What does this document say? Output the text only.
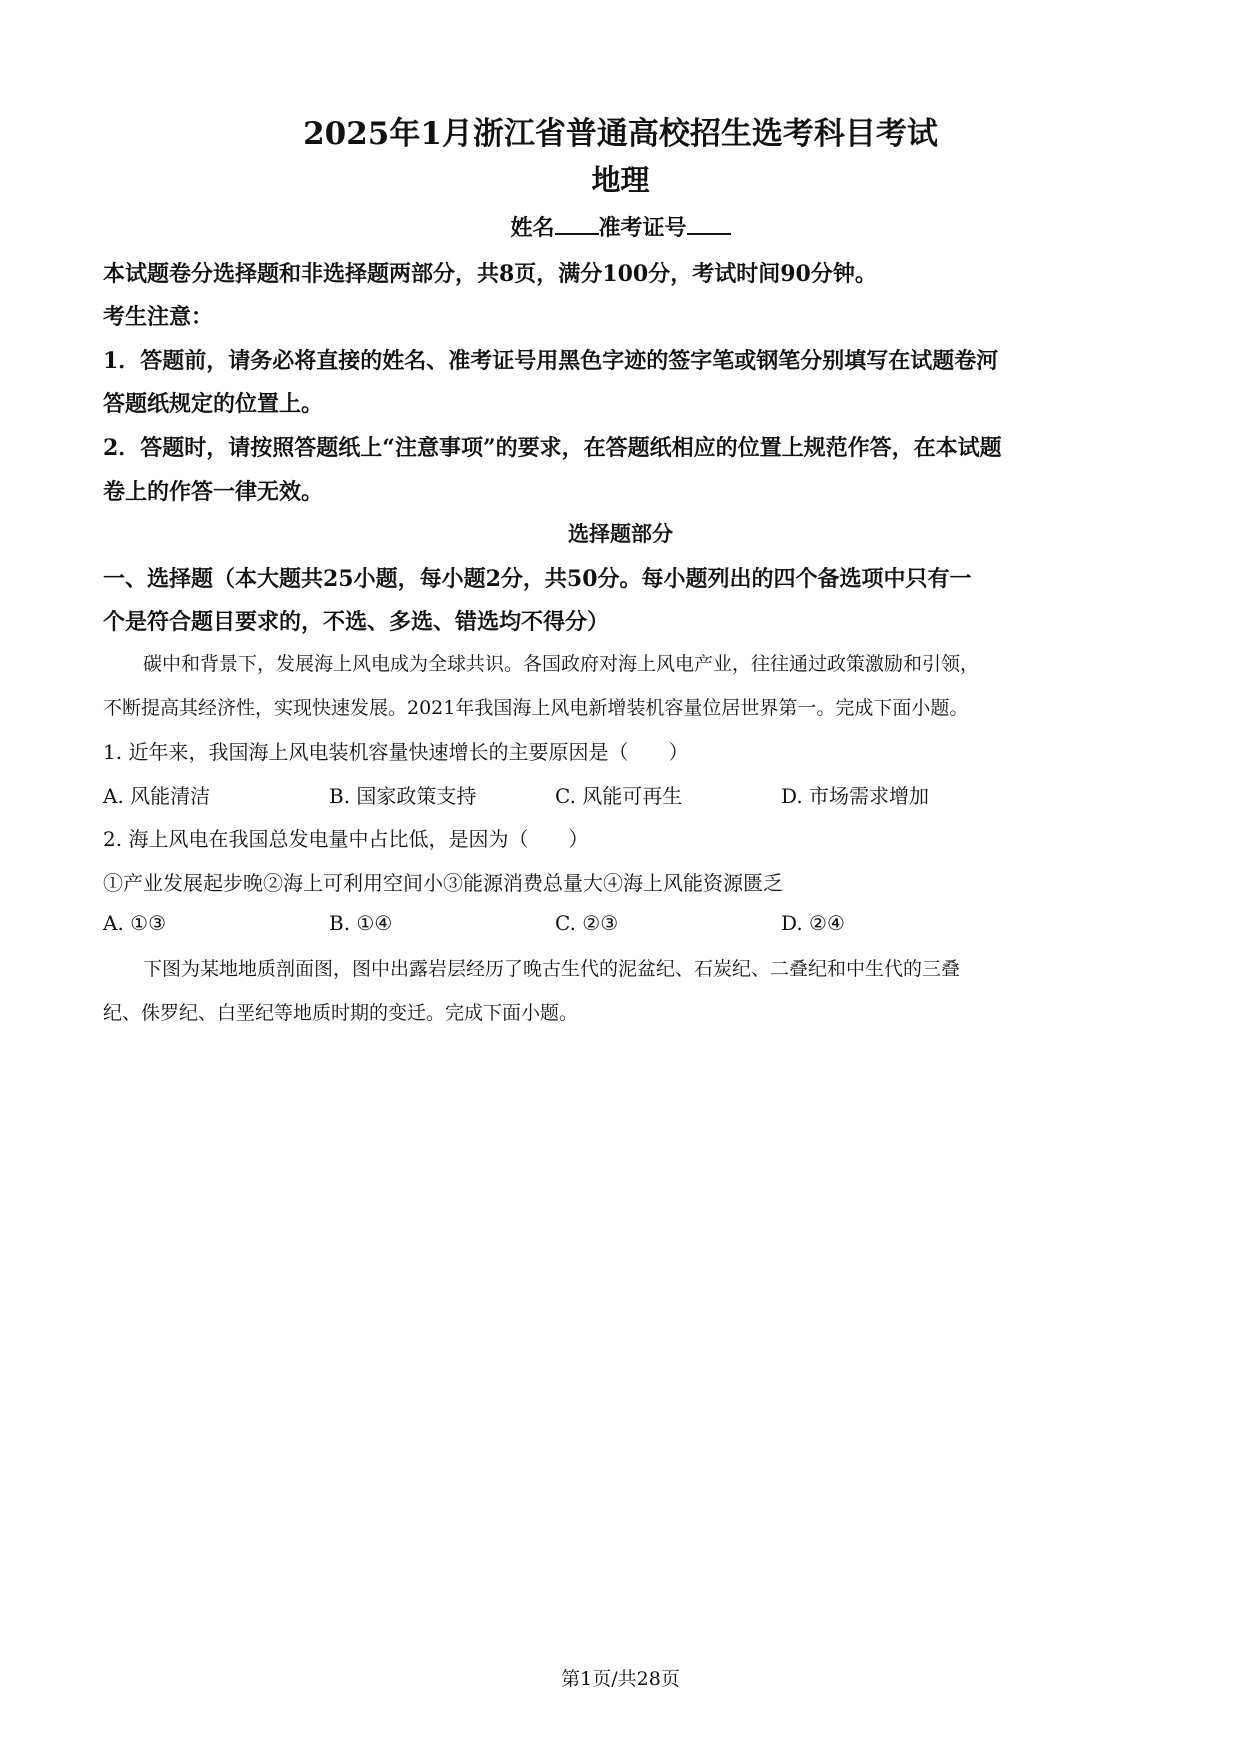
2025年1月浙江省普通高校招生选考科目考试
地理
姓名 准考证号
本试题卷分选择题和非选择题两部分，共8页，满分100分，考试时间90分钟。
考生注意：
1．答题前，请务必将直接的姓名、准考证号用黑色字迹的签字笔或钢笔分别填写在试题卷河
答题纸规定的位置上。
2．答题时，请按照答题纸上“注意事项”的要求，在答题纸相应的位置上规范作答，在本试题
卷上的作答一律无效。
选择题部分
一、选择题（本大题共25小题，每小题2分，共50分。每小题列出的四个备选项中只有一
个是符合题目要求的，不选、多选、错选均不得分）
碳中和背景下，发展海上风电成为全球共识。各国政府对海上风电产业，往往通过政策激励和引领，
不断提高其经济性，实现快速发展。2021年我国海上风电新增装机容量位居世界第一。完成下面小题。
1. 近年来，我国海上风电装机容量快速增长的主要原因是（　　）
A. 风能清洁	B. 国家政策支持	C. 风能可再生	D. 市场需求增加
2. 海上风电在我国总发电量中占比低，是因为（　　）
①产业发展起步晚②海上可利用空间小③能源消费总量大④海上风能资源匮乏
A. ①③	B. ①④	C. ②③	D. ②④
下图为某地地质剖面图，图中出露岩层经历了晚古生代的泥盆纪、石炭纪、二叠纪和中生代的三叠
纪、侏罗纪、白垩纪等地质时期的变迁。完成下面小题。
第1页/共28页
